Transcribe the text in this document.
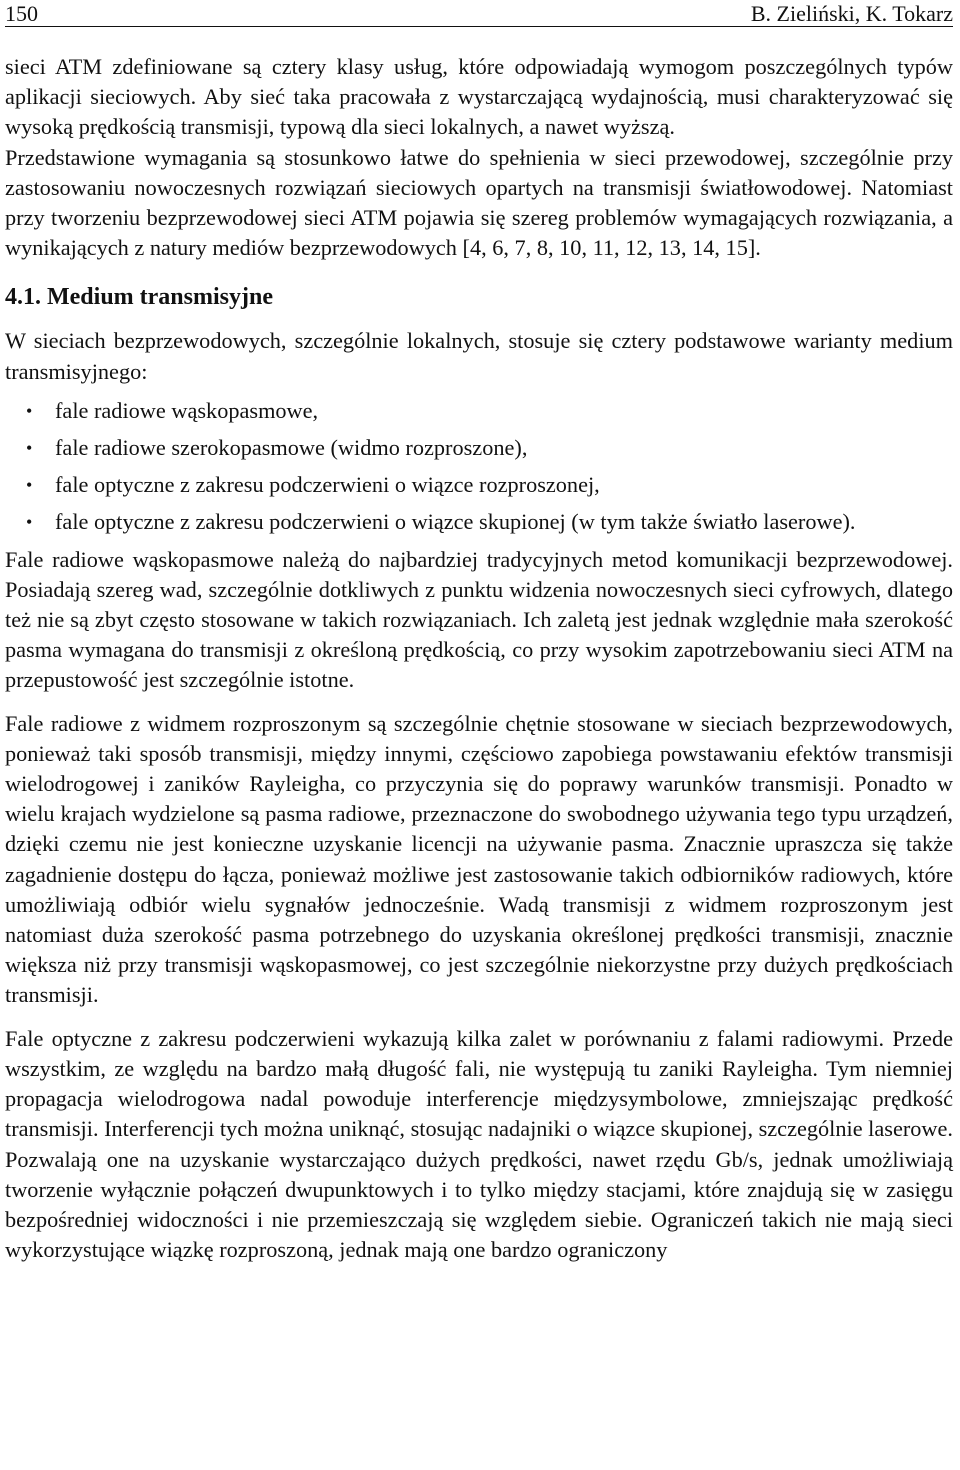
150	B. Zieliński, K. Tokarz

sieci ATM zdefiniowane są cztery klasy usług, które odpowiadają wymogom poszczególnych typów aplikacji sieciowych. Aby sieć taka pracowała z wystarczającą wydajnością, musi charakteryzować się wysoką prędkością transmisji, typową dla sieci lokalnych, a nawet wyższą.

Przedstawione wymagania są stosunkowo łatwe do spełnienia w sieci przewodowej, szczególnie przy zastosowaniu nowoczesnych rozwiązań sieciowych opartych na transmisji światłowodowej. Natomiast przy tworzeniu bezprzewodowej sieci ATM pojawia się szereg problemów wymagających rozwiązania, a wynikających z natury mediów bezprzewodowych [4, 6, 7, 8, 10, 11, 12, 13, 14, 15].

4.1. Medium transmisyjne

W sieciach bezprzewodowych, szczególnie lokalnych, stosuje się cztery podstawowe warianty medium transmisyjnego:

• fale radiowe wąskopasmowe,
• fale radiowe szerokopasmowe (widmo rozproszone),
• fale optyczne z zakresu podczerwieni o wiązce rozproszonej,
• fale optyczne z zakresu podczerwieni o wiązce skupionej (w tym także światło laserowe).

Fale radiowe wąskopasmowe należą do najbardziej tradycyjnych metod komunikacji bezprzewodowej. Posiadają szereg wad, szczególnie dotkliwych z punktu widzenia nowoczesnych sieci cyfrowych, dlatego też nie są zbyt często stosowane w takich rozwiązaniach. Ich zaletą jest jednak względnie mała szerokość pasma wymagana do transmisji z określoną prędkością, co przy wysokim zapotrzebowaniu sieci ATM na przepustowość jest szczególnie istotne.

Fale radiowe z widmem rozproszonym są szczególnie chętnie stosowane w sieciach bezprzewodowych, ponieważ taki sposób transmisji, między innymi, częściowo zapobiega powstawaniu efektów transmisji wielodrogowej i zaników Rayleigha, co przyczynia się do poprawy warunków transmisji. Ponadto w wielu krajach wydzielone są pasma radiowe, przeznaczone do swobodnego używania tego typu urządzeń, dzięki czemu nie jest konieczne uzyskanie licencji na używanie pasma. Znacznie upraszcza się także zagadnienie dostępu do łącza, ponieważ możliwe jest zastosowanie takich odbiorników radiowych, które umożliwiają odbiór wielu sygnałów jednocześnie. Wadą transmisji z widmem rozproszonym jest natomiast duża szerokość pasma potrzebnego do uzyskania określonej prędkości transmisji, znacznie większa niż przy transmisji wąskopasmowej, co jest szczególnie niekorzystne przy dużych prędkościach transmisji.

Fale optyczne z zakresu podczerwieni wykazują kilka zalet w porównaniu z falami radiowymi. Przede wszystkim, ze względu na bardzo małą długość fali, nie występują tu zaniki Rayleigha. Tym niemniej propagacja wielodrogowa nadal powoduje interferencje międzysymbolowe, zmniejszając prędkość transmisji. Interferencji tych można uniknąć, stosując nadajniki o wiązce skupionej, szczególnie laserowe. Pozwalają one na uzyskanie wystarczająco dużych prędkości, nawet rzędu Gb/s, jednak umożliwiają tworzenie wyłącznie połączeń dwupunktowych i to tylko między stacjami, które znajdują się w zasięgu bezpośredniej widoczności i nie przemieszczają się względem siebie. Ograniczeń takich nie mają sieci wykorzystujące wiązkę rozproszoną, jednak mają one bardzo ograniczony
